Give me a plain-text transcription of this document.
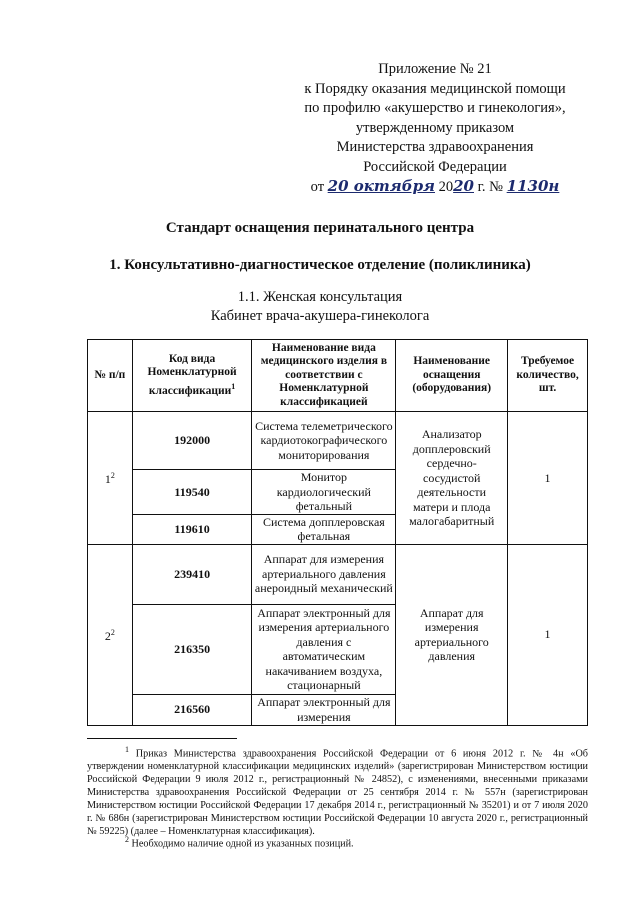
Приложение № 21
к Порядку оказания медицинской помощи
по профилю «акушерство и гинекология»,
утвержденному приказом
Министерства здравоохранения
Российской Федерации
от 20 октября 2020 г. № 1130н
Стандарт оснащения перинатального центра
1. Консультативно-диагностическое отделение (поликлиника)
1.1. Женская консультация
Кабинет врача-акушера-гинеколога
№ п/п	Код вида Номенклатурной классификации$^1$	Наименование вида медицинского изделия в соответствии с Номенклатурной классификацией	Наименование оснащения (оборудования)	Требуемое количество, шт.
$1^2$	192000	Система телеметрического кардиотокографического мониторирования	Анализатор допплеровский сердечно-сосудистой деятельности матери и плода малогабаритный	1
	119540	Монитор кардиологический фетальный		
	119610	Система допплеровская фетальная		
$2^2$	239410	Аппарат для измерения артериального давления анероидный механический	Аппарат для измерения артериального давления	1
	216350	Аппарат электронный для измерения артериального давления с автоматическим накачиванием воздуха, стационарный		
	216560	Аппарат электронный для измерения		
$^1$ Приказ Министерства здравоохранения Российской Федерации от 6 июня 2012 г. № 4н «Об утверждении номенклатурной классификации медицинских изделий» (зарегистрирован Министерством юстиции Российской Федерации 9 июля 2012 г., регистрационный № 24852), с изменениями, внесенными приказами Министерства здравоохранения Российской Федерации от 25 сентября 2014 г. № 557н (зарегистрирован Министерством юстиции Российской Федерации 17 декабря 2014 г., регистрационный № 35201) и от 7 июля 2020 г. № 686н (зарегистрирован Министерством юстиции Российской Федерации 10 августа 2020 г., регистрационный № 59225) (далее – Номенклатурная классификация).
$^2$ Необходимо наличие одной из указанных позиций.
